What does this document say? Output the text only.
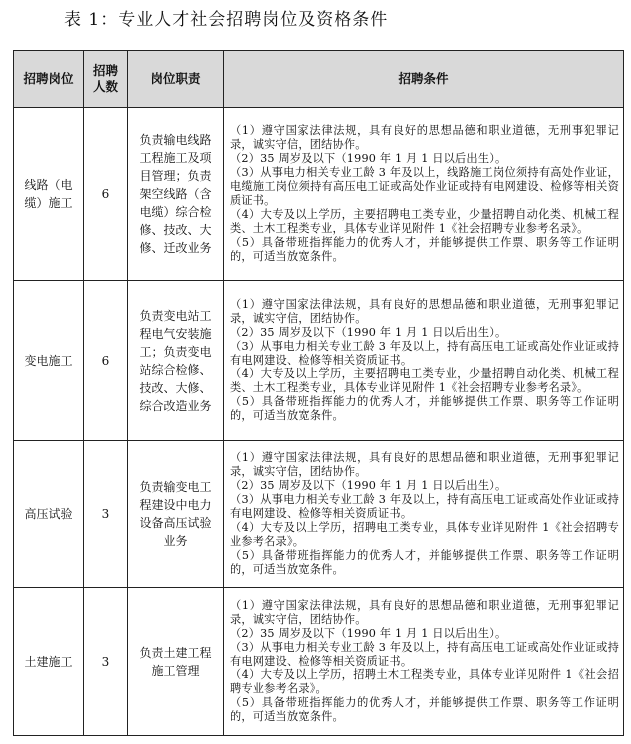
表 1：专业人才社会招聘岗位及资格条件
招聘岗位	招聘人数	岗位职责	招聘条件
线路（电缆）施工	6	负责输电线路工程施工及项目管理；负责架空线路（含电缆）综合检修、技改、大修、迁改业务	（1）遵守国家法律法规，具有良好的思想品德和职业道德，无刑事犯罪记录，诚实守信，团结协作。
（2）35 周岁及以下（1990 年 1 月 1 日以后出生）。
（3）从事电力相关专业工龄 3 年及以上，线路施工岗位须持有高处作业证，电缆施工岗位须持有高压电工证或高处作业证或持有电网建设、检修等相关资质证书。
（4）大专及以上学历，主要招聘电工类专业，少量招聘自动化类、机械工程类、土木工程类专业，具体专业详见附件 1《社会招聘专业参考名录》。
（5）具备带班指挥能力的优秀人才，并能够提供工作票、职务等工作证明的，可适当放宽条件。

变电施工	6	负责变电站工程电气安装施工；负责变电站综合检修、技改、大修、综合改造业务	（1）遵守国家法律法规，具有良好的思想品德和职业道德，无刑事犯罪记录，诚实守信，团结协作。
（2）35 周岁及以下（1990 年 1 月 1 日以后出生）。
（3）从事电力相关专业工龄 3 年及以上，持有高压电工证或高处作业证或持有电网建设、检修等相关资质证书。
（4）大专及以上学历，主要招聘电工类专业，少量招聘自动化类、机械工程类、土木工程类专业，具体专业详见附件 1《社会招聘专业参考名录》。
（5）具备带班指挥能力的优秀人才，并能够提供工作票、职务等工作证明的，可适当放宽条件。

高压试验	3	负责输变电工程建设中电力设备高压试验业务	（1）遵守国家法律法规，具有良好的思想品德和职业道德，无刑事犯罪记录，诚实守信，团结协作。
（2）35 周岁及以下（1990 年 1 月 1 日以后出生）。
（3）从事电力相关专业工龄 3 年及以上，持有高压电工证或高处作业证或持有电网建设、检修等相关资质证书。
（4）大专及以上学历，招聘电工类专业，具体专业详见附件 1《社会招聘专业参考名录》。
（5）具备带班指挥能力的优秀人才，并能够提供工作票、职务等工作证明的，可适当放宽条件。

土建施工	3	负责土建工程施工管理	（1）遵守国家法律法规，具有良好的思想品德和职业道德，无刑事犯罪记录，诚实守信，团结协作。
（2）35 周岁及以下（1990 年 1 月 1 日以后出生）。
（3）从事电力相关专业工龄 3 年及以上，持有高压电工证或高处作业证或持有电网建设、检修等相关资质证书。
（4）大专及以上学历，招聘土木工程类专业，具体专业详见附件 1《社会招聘专业参考名录》。
（5）具备带班指挥能力的优秀人才，并能够提供工作票、职务等工作证明的，可适当放宽条件。
